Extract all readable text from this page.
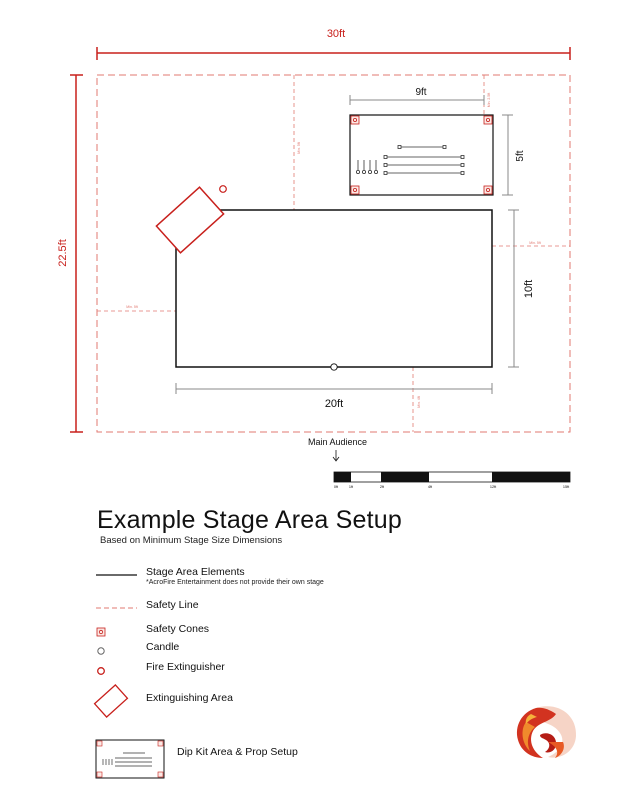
30ft
22.5ft
Min. 5ft
Min. 2.5ft
Min. 5ft
Min. 5ft
Min. 4ft
20ft
10ft
9ft
5ft
0ft	1ft	2ft	4ft	12ft	15ft
Main Audience
Example Stage Area Setup
Based on Minimum Stage Size Dimensions
Stage Area Elements
*AcroFire Entertainment does not provide their own stage
Safety Line
Safety Cones
Candle
Fire Extinguisher
Extinguishing Area
Dip Kit Area & Prop Setup
